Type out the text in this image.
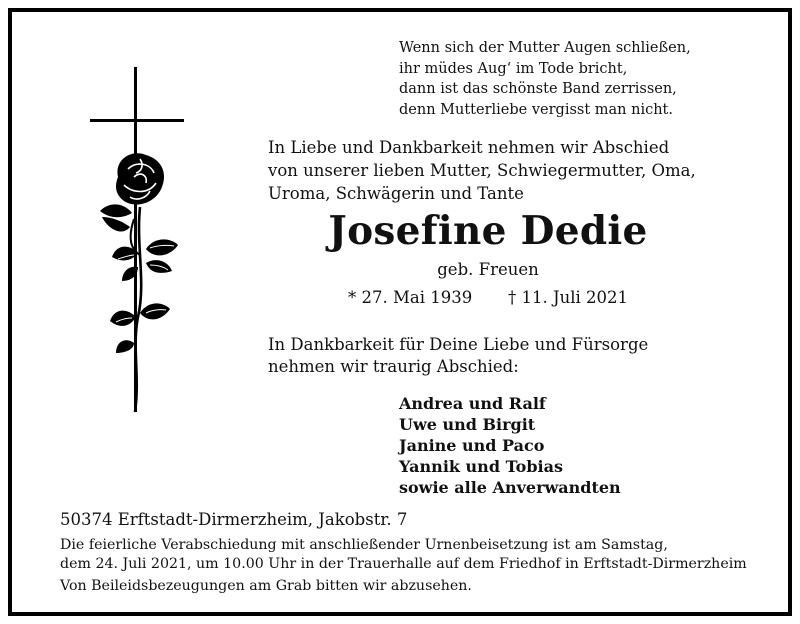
Wenn sich der Mutter Augen schließen,
ihr müdes Aug‘ im Tode bricht,
dann ist das schönste Band zerrissen,
denn Mutterliebe vergisst man nicht.
In Liebe und Dankbarkeit nehmen wir Abschied
von unserer lieben Mutter, Schwiegermutter, Oma,
Uroma, Schwägerin und Tante
Josefine Dedie
geb. Freuen
* 27. Mai 1939 † 11. Juli 2021
In Dankbarkeit für Deine Liebe und Fürsorge
nehmen wir traurig Abschied:
Andrea und Ralf
Uwe und Birgit
Janine und Paco
Yannik und Tobias
sowie alle Anverwandten
50374 Erftstadt-Dirmerzheim, Jakobstr. 7
Die feierliche Verabschiedung mit anschließender Urnenbeisetzung ist am Samstag,
dem 24. Juli 2021, um 10.00 Uhr in der Trauerhalle auf dem Friedhof in Erftstadt-Dirmerzheim
Von Beileidsbezeugungen am Grab bitten wir abzusehen.
